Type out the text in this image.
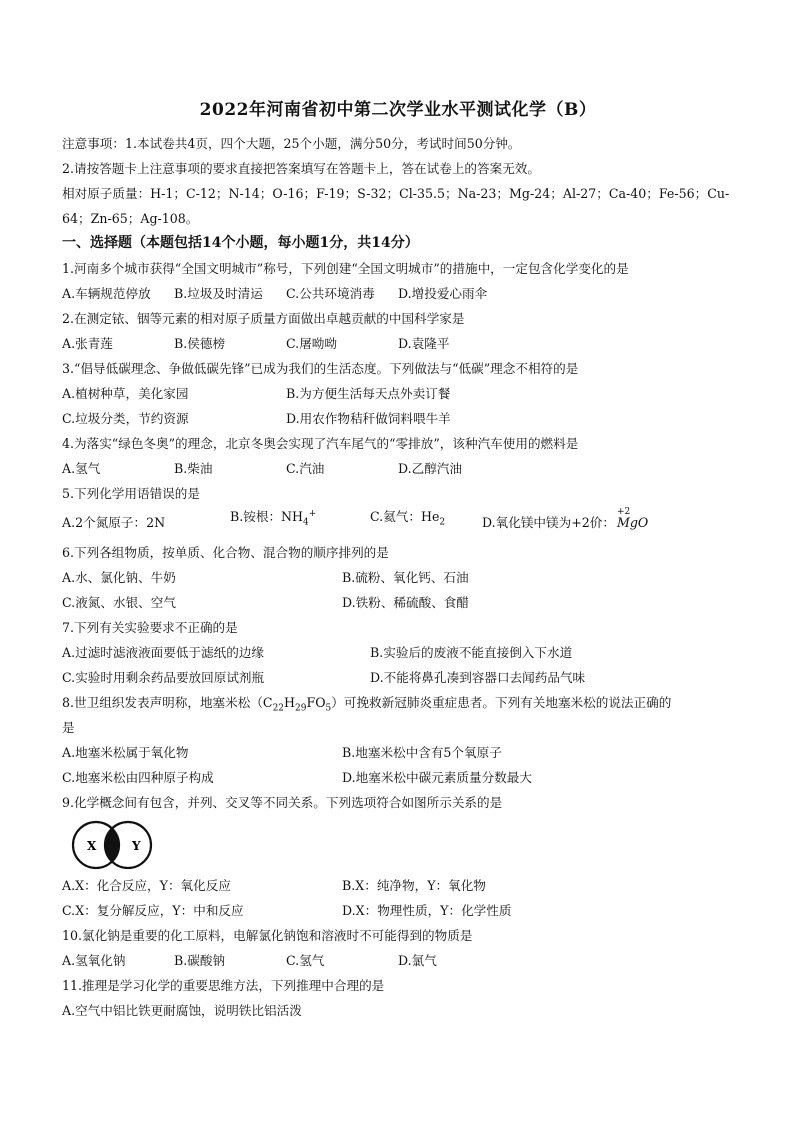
2022年河南省初中第二次学业水平测试化学（B）
注意事项：1.本试卷共4页，四个大题，25个小题，满分50分，考试时间50分钟。
2.请按答题卡上注意事项的要求直接把答案填写在答题卡上，答在试卷上的答案无效。
相对原子质量：H-1；C-12；N-14；O-16；F-19；S-32；Cl-35.5；Na-23；Mg-24；Al-27；Ca-40；Fe-56；Cu-64；Zn-65；Ag-108。
一、选择题（本题包括14个小题，每小题1分，共14分）
1.河南多个城市获得“全国文明城市”称号，下列创建“全国文明城市”的措施中，一定包含化学变化的是
A.车辆规范停放	B.垃圾及时清运	C.公共环境消毒	D.增投爱心雨伞
2.在测定铱、铟等元素的相对原子质量方面做出卓越贡献的中国科学家是
A.张青莲	B.侯德榜	C.屠呦呦	D.袁隆平
3.“倡导低碳理念、争做低碳先锋”已成为我们的生活态度。下列做法与“低碳”理念不相符的是
A.植树种草，美化家园	B.为方便生活每天点外卖订餐
C.垃圾分类，节约资源	D.用农作物秸秆做饲料喂牛羊
4.为落实“绿色冬奥”的理念，北京冬奥会实现了汽车尾气的“零排放”，该种汽车使用的燃料是
A.氢气	B.柴油	C.汽油	D.乙醇汽油
5.下列化学用语错误的是
A.2个氮原子：2N	B.铵根：$NH_4^+$	C.氦气：$He_2$	D.氧化镁中镁为+2价：
+2
MgO
6.下列各组物质，按单质、化合物、混合物的顺序排列的是
A.水、氯化钠、牛奶	B.硫粉、氧化钙、石油
C.液氮、水银、空气	D.铁粉、稀硫酸、食醋
7.下列有关实验要求不正确的是
A.过滤时滤液液面要低于滤纸的边缘	B.实验后的废液不能直接倒入下水道
C.实验时用剩余药品要放回原试剂瓶	D.不能将鼻孔凑到容器口去闻药品气味
8.世卫组织发表声明称，地塞米松$(C_{22}H_{29}FO_5)$可挽救新冠肺炎重症患者。下列有关地塞米松的说法正确的
是
A.地塞米松属于氧化物	B.地塞米松中含有5个氧原子
C.地塞米松由四种原子构成	D.地塞米松中碳元素质量分数最大
9.化学概念间有包含，并列、交叉等不同关系。下列选项符合如图所示关系的是
X	Y
A.X：化合反应，Y：氧化反应	B.X：纯净物，Y：氧化物
C.X：复分解反应，Y：中和反应	D.X：物理性质，Y：化学性质
10.氯化钠是重要的化工原料，电解氯化钠饱和溶液时不可能得到的物质是
A.氢氧化钠	B.碳酸钠	C.氢气	D.氯气
11.推理是学习化学的重要思维方法，下列推理中合理的是
A.空气中铝比铁更耐腐蚀，说明铁比铝活泼
